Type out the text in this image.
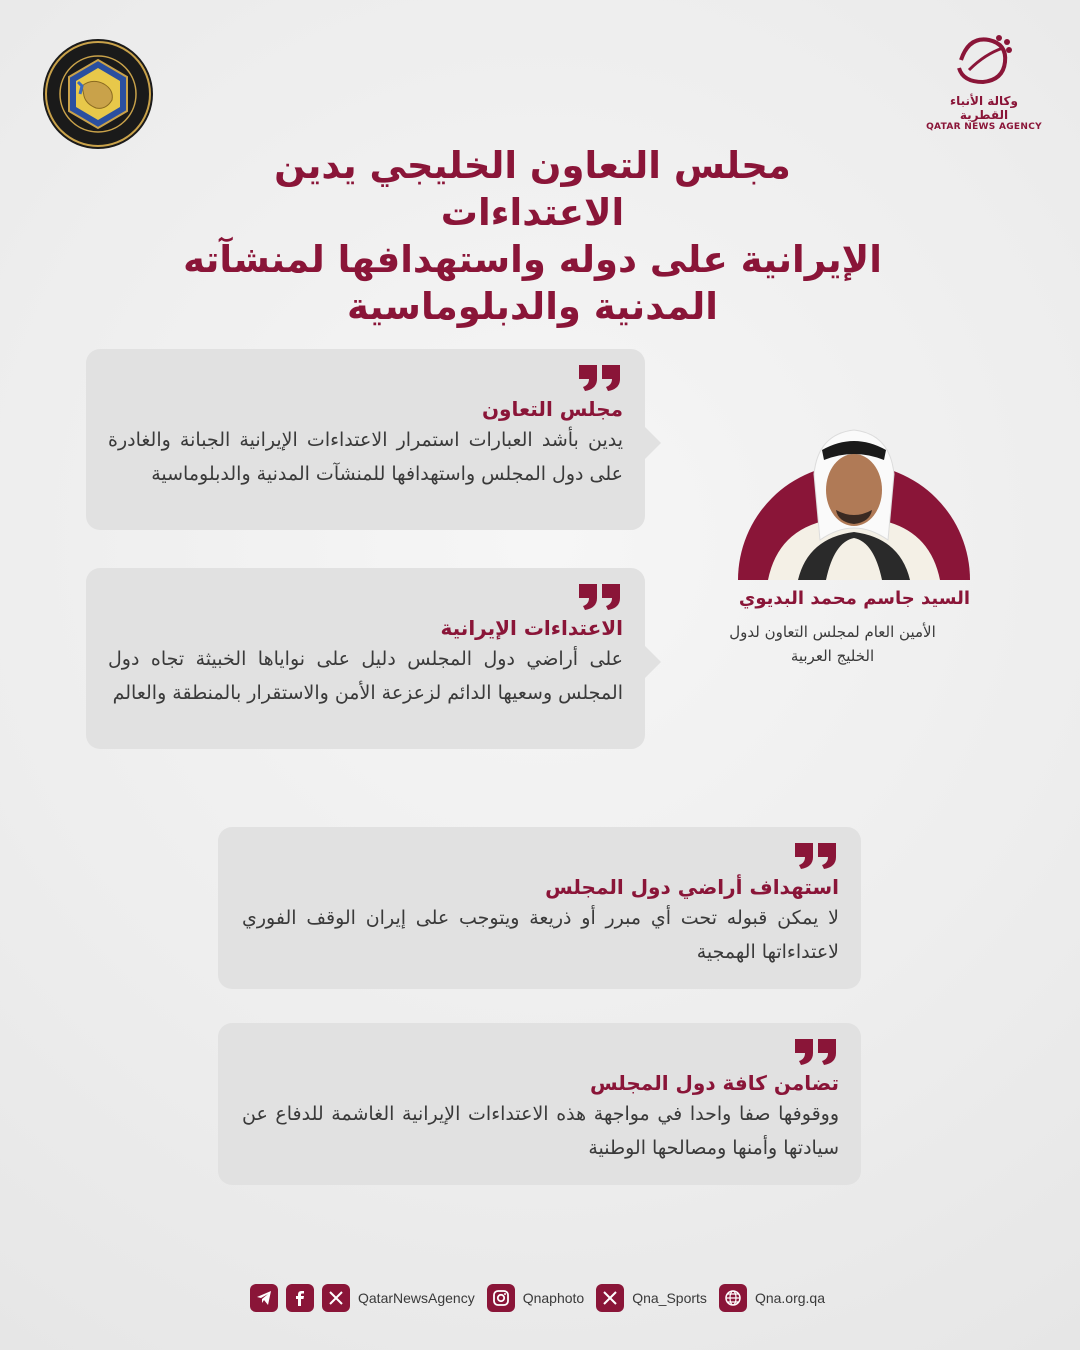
وكالة الأنباء القطرية
QATAR NEWS AGENCY
مجلس التعاون الخليجي يدين الاعتداءات
الإيرانية على دوله واستهدافها لمنشآته
المدنية والدبلوماسية
مجلس التعاون

يدين بأشد العبارات استمرار الاعتداءات الإيرانية الجبانة والغادرة على دول المجلس واستهدافها للمنشآت المدنية والدبلوماسية

الاعتداءات الإيرانية

على أراضي دول المجلس دليل على نواياها الخبيثة تجاه دول المجلس وسعيها الدائم لزعزعة الأمن والاستقرار بالمنطقة والعالم

السيد جاسم محمد البديوي
الأمين العام لمجلس التعاون لدول
الخليج العربية
استهداف أراضي دول المجلس

لا يمكن قبوله تحت أي مبرر أو ذريعة ويتوجب على إيران الوقف الفوري لاعتداءاتها الهمجية

تضامن كافة دول المجلس

ووقوفها صفا واحدا في مواجهة هذه الاعتداءات الإيرانية الغاشمة للدفاع عن سيادتها وأمنها ومصالحها الوطنية

QatarNewsAgency	Qnaphoto	Qna_Sports	Qna.org.qa
